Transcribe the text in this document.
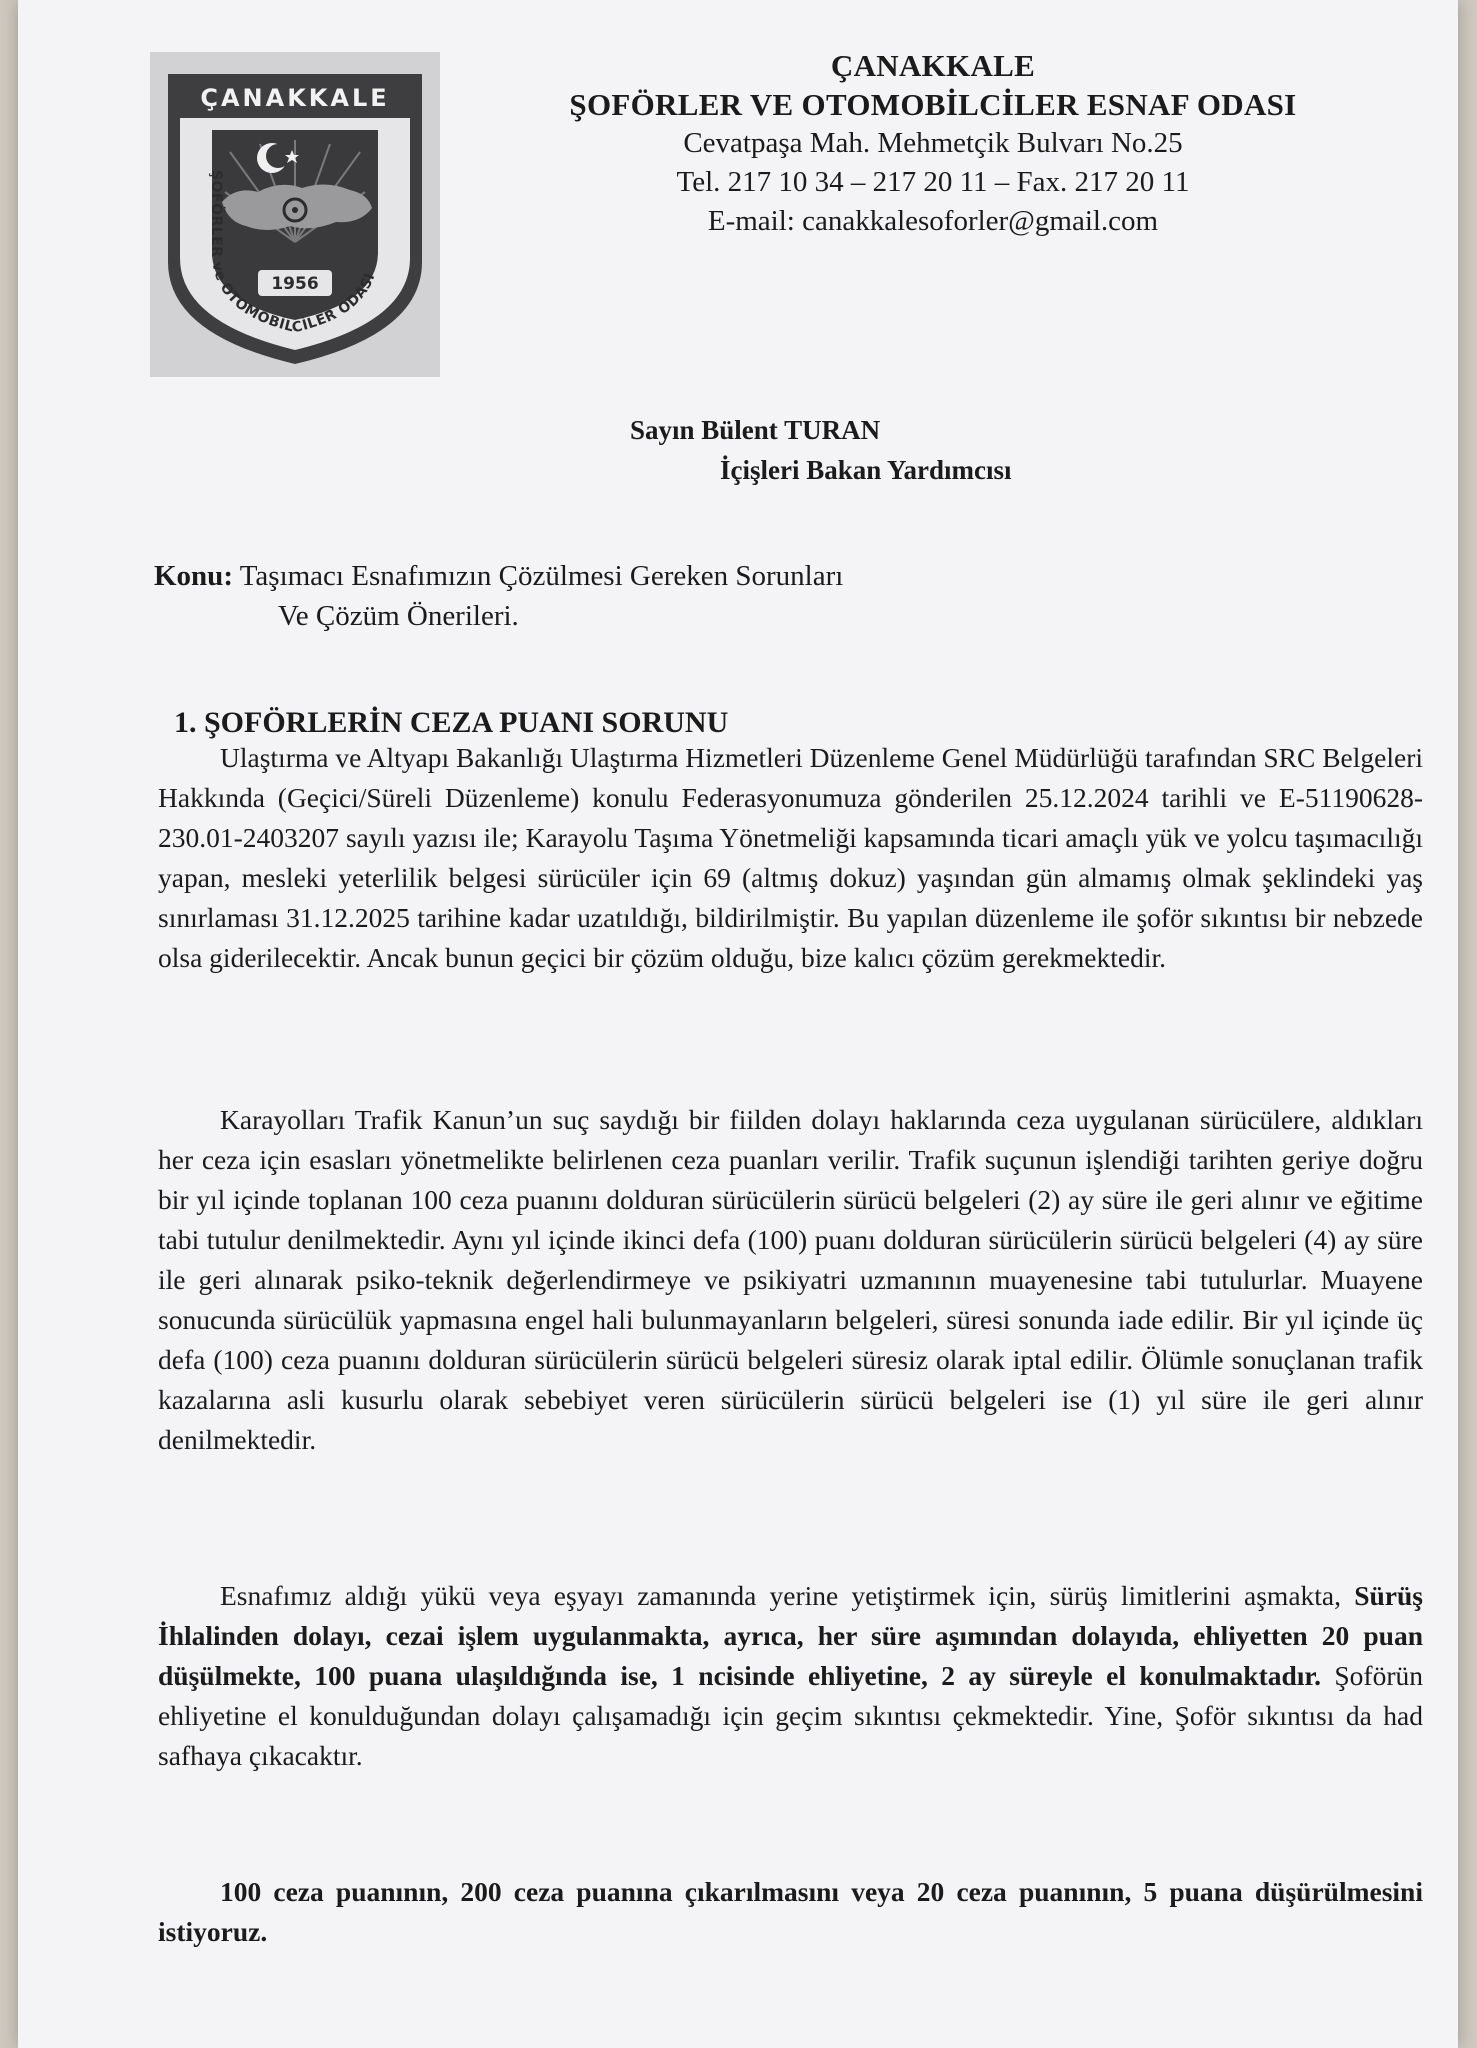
1956
ÇANAKKALE
ŞOFÖRLER ve OTOMOBİLCİLER ODASI
ÇANAKKALE
ŞOFÖRLER VE OTOMOBİLCİLER ESNAF ODASI
Cevatpaşa Mah. Mehmetçik Bulvarı No.25
Tel. 217 10 34 – 217 20 11 – Fax. 217 20 11
E-mail: canakkalesoforler@gmail.com
Sayın Bülent TURAN
İçişleri Bakan Yardımcısı
Konu: Taşımacı Esnafımızın Çözülmesi Gereken Sorunları
Ve Çözüm Önerileri.
1. ŞOFÖRLERİN CEZA PUANI SORUNU
Ulaştırma ve Altyapı Bakanlığı Ulaştırma Hizmetleri Düzenleme Genel Müdürlüğü tarafından SRC Belgeleri Hakkında (Geçici/Süreli Düzenleme) konulu Federasyonumuza gönderilen 25.12.2024 tarihli ve E-51190628-230.01-2403207 sayılı yazısı ile; Karayolu Taşıma Yönetmeliği kapsamında ticari amaçlı yük ve yolcu taşımacılığı yapan, mesleki yeterlilik belgesi sürücüler için 69 (altmış dokuz) yaşından gün almamış olmak şeklindeki yaş sınırlaması 31.12.2025 tarihine kadar uzatıldığı, bildirilmiştir. Bu yapılan düzenleme ile şoför sıkıntısı bir nebzede olsa giderilecektir. Ancak bunun geçici bir çözüm olduğu, bize kalıcı çözüm gerekmektedir.
Karayolları Trafik Kanun’un suç saydığı bir fiilden dolayı haklarında ceza uygulanan sürücülere, aldıkları her ceza için esasları yönetmelikte belirlenen ceza puanları verilir. Trafik suçunun işlendiği tarihten geriye doğru bir yıl içinde toplanan 100 ceza puanını dolduran sürücülerin sürücü belgeleri (2) ay süre ile geri alınır ve eğitime tabi tutulur denilmektedir. Aynı yıl içinde ikinci defa (100) puanı dolduran sürücülerin sürücü belgeleri (4) ay süre ile geri alınarak psiko-teknik değerlendirmeye ve psikiyatri uzmanının muayenesine tabi tutulurlar. Muayene sonucunda sürücülük yapmasına engel hali bulunmayanların belgeleri, süresi sonunda iade edilir. Bir yıl içinde üç defa (100) ceza puanını dolduran sürücülerin sürücü belgeleri süresiz olarak iptal edilir. Ölümle sonuçlanan trafik kazalarına asli kusurlu olarak sebebiyet veren sürücülerin sürücü belgeleri ise (1) yıl süre ile geri alınır denilmektedir.
Esnafımız aldığı yükü veya eşyayı zamanında yerine yetiştirmek için, sürüş limitlerini aşmakta, Sürüş İhlalinden dolayı, cezai işlem uygulanmakta, ayrıca, her süre aşımından dolayıda, ehliyetten 20 puan düşülmekte, 100 puana ulaşıldığında ise, 1 ncisinde ehliyetine, 2 ay süreyle el konulmaktadır. Şoförün ehliyetine el konulduğundan dolayı çalışamadığı için geçim sıkıntısı çekmektedir. Yine, Şoför sıkıntısı da had safhaya çıkacaktır.
100 ceza puanının, 200 ceza puanına çıkarılmasını veya 20 ceza puanının, 5 puana düşürülmesini istiyoruz.
